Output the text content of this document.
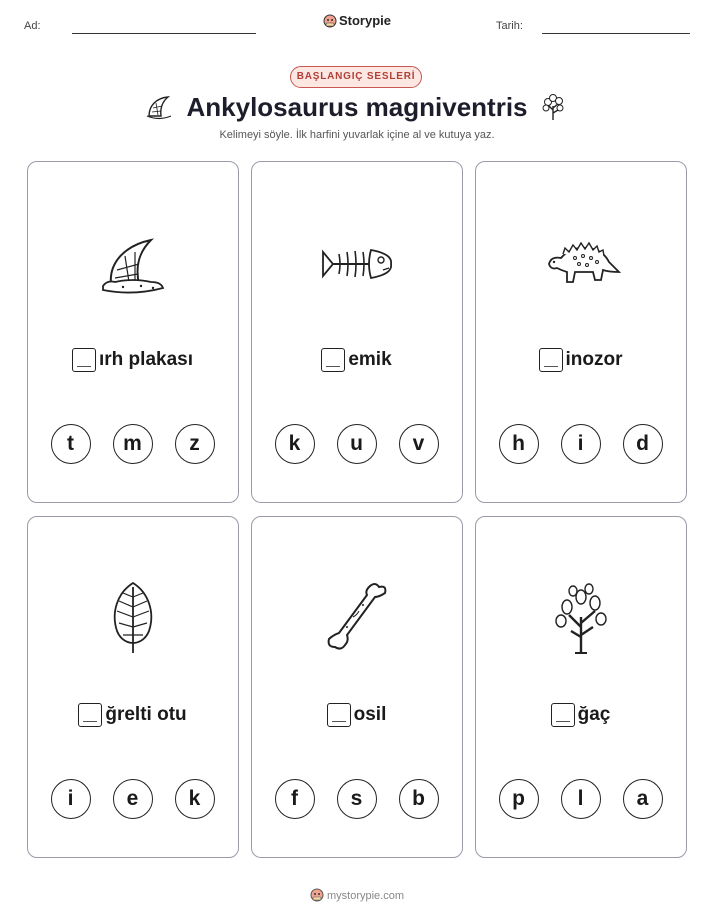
Ad:	Storypie	Tarih:
BAŞLANGIÇ SESLERİ
Ankylosaurus magniventris
Kelimeyi söyle. İlk harfini yuvarlak içine al ve kutuya yaz.
ırh plakası
t	m	z
emik
k	u	v
inozor
h	i	d
ğrelti otu
i	e	k
osil
f	s	b
ğaç
p	l	a
mystorypie.com
